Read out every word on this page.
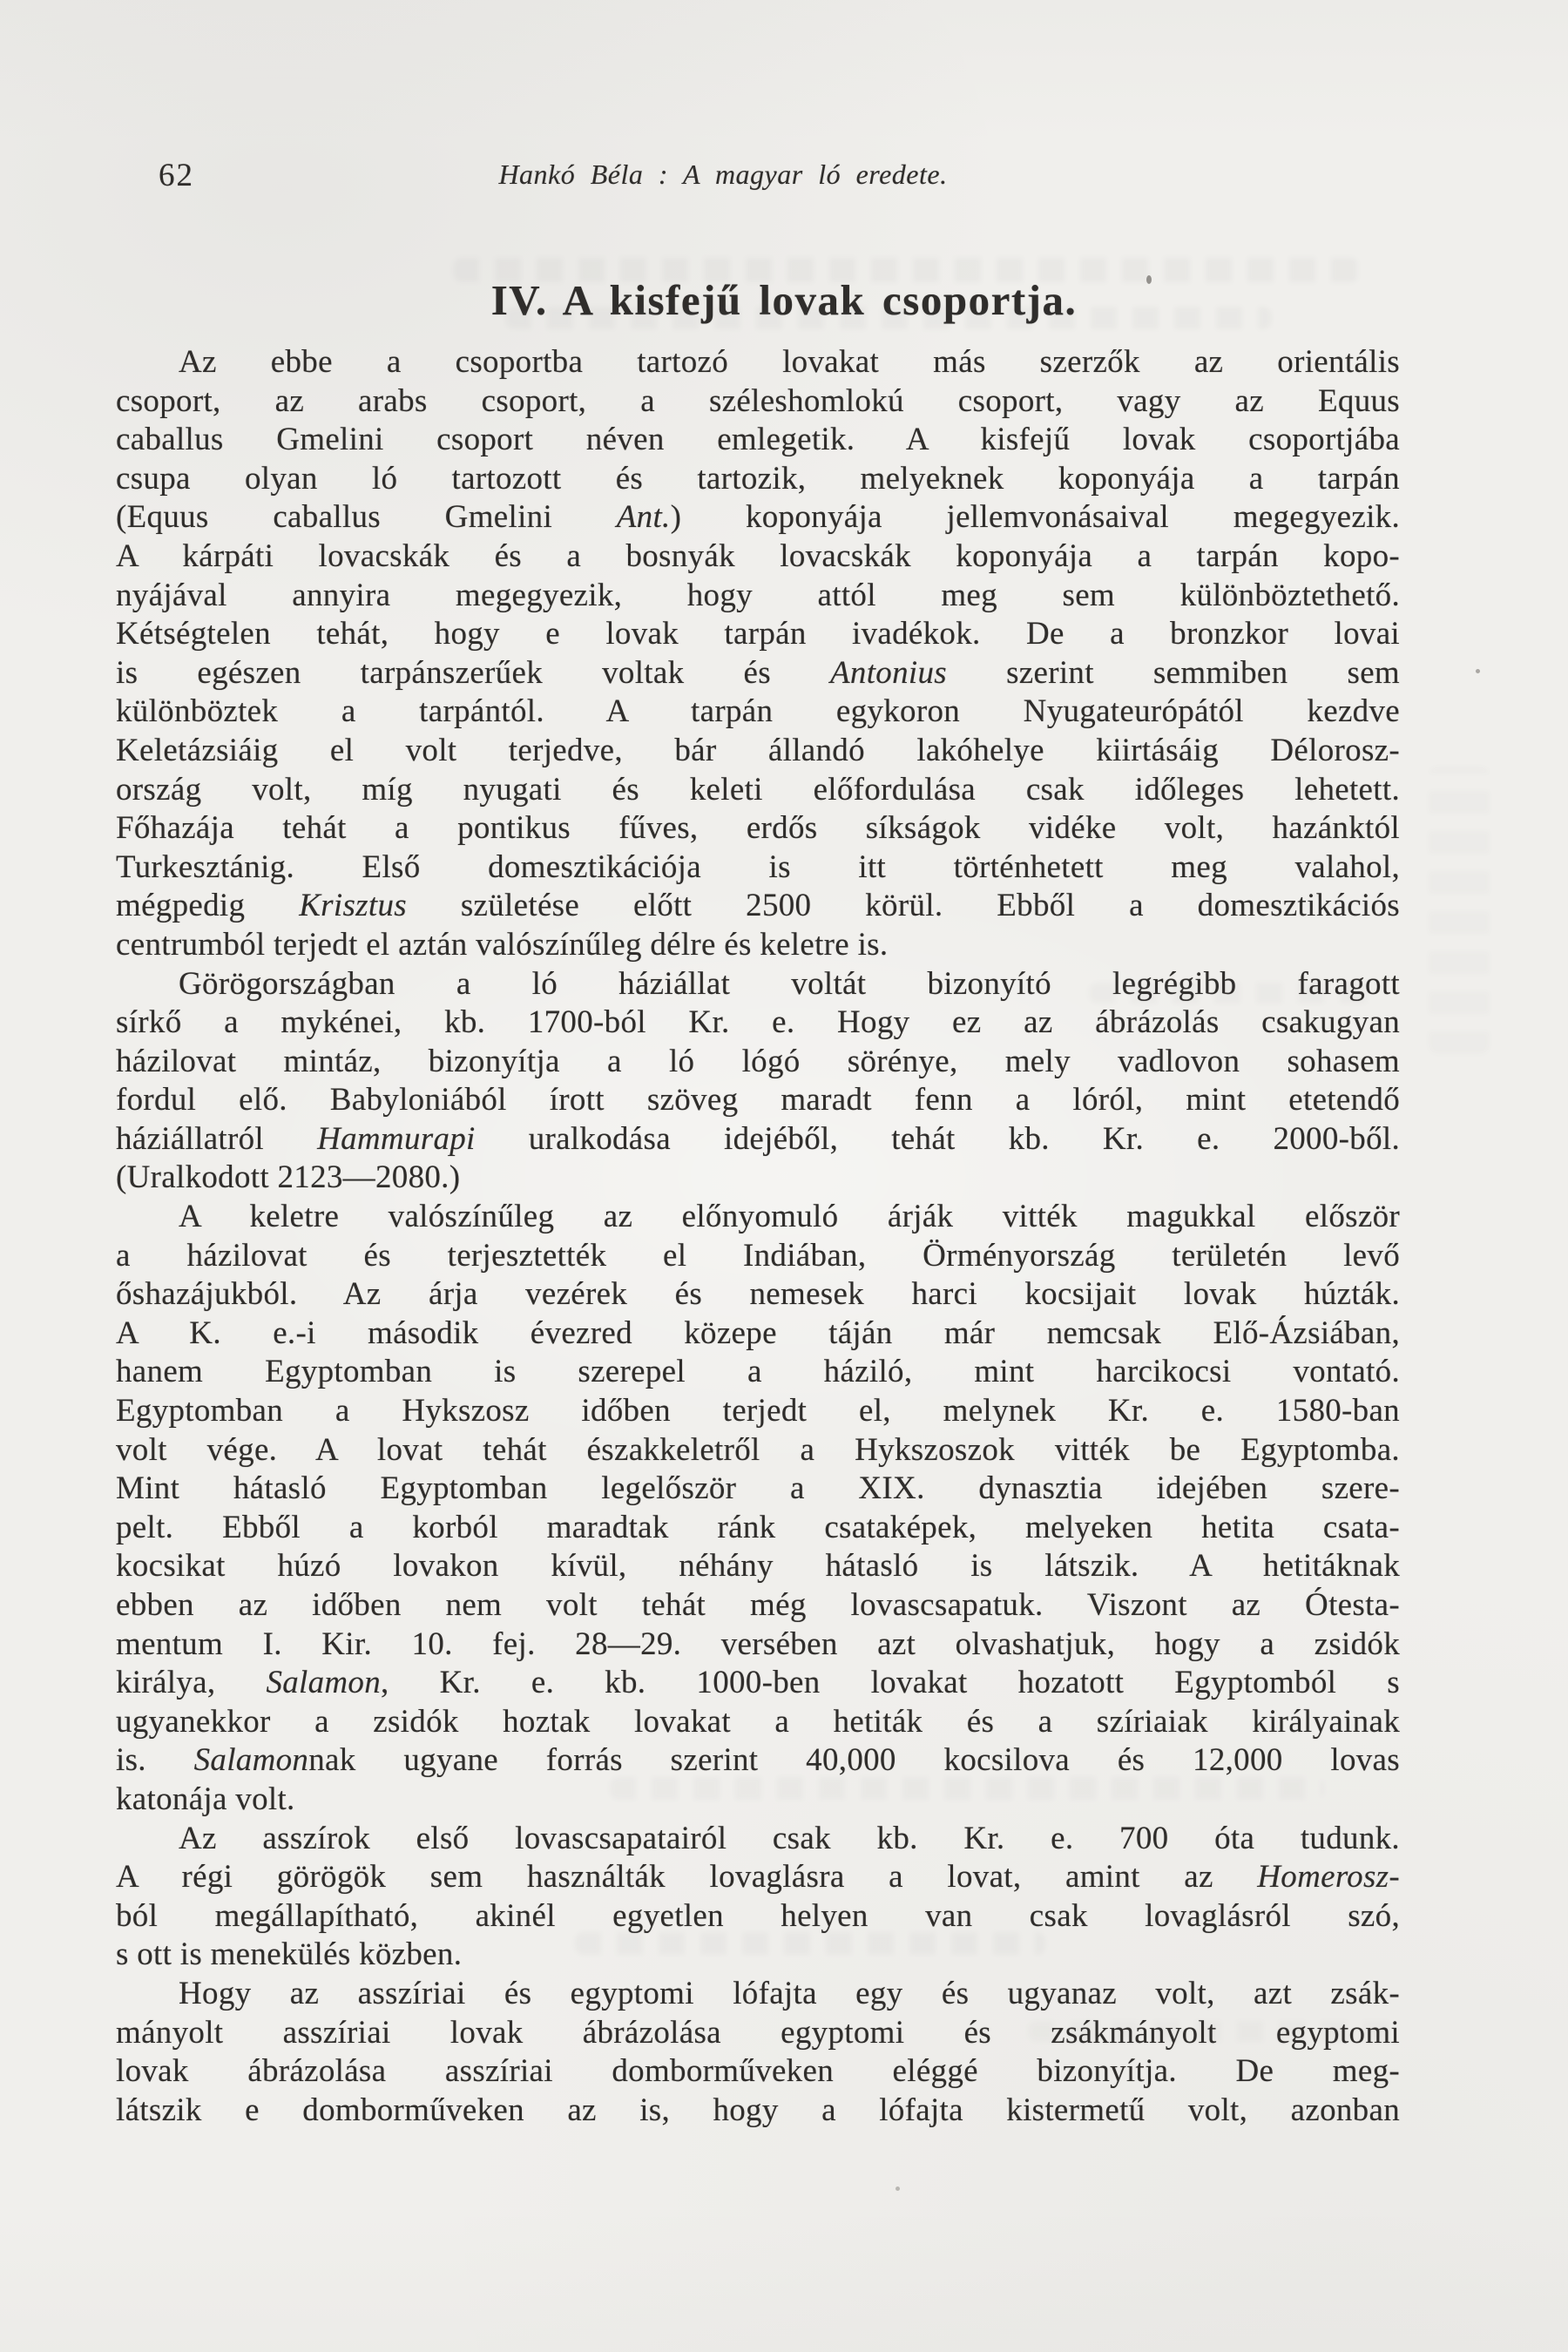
62	Hankó Béla : A magyar ló eredete.
IV. A kisfejű lovak csoportja.
Az ebbe a csoportba tartozó lovakat más szerzők az orientális
csoport, az arabs csoport, a széleshomlokú csoport, vagy az Equus
caballus Gmelini csoport néven emlegetik. A kisfejű lovak csoportjába
csupa olyan ló tartozott és tartozik, melyeknek koponyája a tarpán
(Equus caballus Gmelini Ant.) koponyája jellemvonásaival megegyezik.
A kárpáti lovacskák és a bosnyák lovacskák koponyája a tarpán kopo-
nyájával annyira megegyezik, hogy attól meg sem különböztethető.
Kétségtelen tehát, hogy e lovak tarpán ivadékok. De a bronzkor lovai
is egészen tarpánszerűek voltak és Antonius szerint semmiben sem
különböztek a tarpántól. A tarpán egykoron Nyugateurópától kezdve
Keletázsiáig el volt terjedve, bár állandó lakóhelye kiirtásáig Délorosz-
ország volt, míg nyugati és keleti előfordulása csak időleges lehetett.
Főhazája tehát a pontikus fűves, erdős síkságok vidéke volt, hazánktól
Turkesztánig. Első domesztikációja is itt történhetett meg valahol,
mégpedig Krisztus születése előtt 2500 körül. Ebből a domesztikációs
centrumból terjedt el aztán valószínűleg délre és keletre is.
Görögországban a ló háziállat voltát bizonyító legrégibb faragott
sírkő a mykénei, kb. 1700-ból Kr. e. Hogy ez az ábrázolás csakugyan
házilovat mintáz, bizonyítja a ló lógó sörénye, mely vadlovon sohasem
fordul elő. Babyloniából írott szöveg maradt fenn a lóról, mint etetendő
háziállatról Hammurapi uralkodása idejéből, tehát kb. Kr. e. 2000-ből.
(Uralkodott 2123—2080.)
A keletre valószínűleg az előnyomuló árják vitték magukkal először
a házilovat és terjesztették el Indiában, Örményország területén levő
őshazájukból. Az árja vezérek és nemesek harci kocsijait lovak húzták.
A K. e.-i második évezred közepe táján már nemcsak Elő-Ázsiában,
hanem Egyptomban is szerepel a háziló, mint harcikocsi vontató.
Egyptomban a Hykszosz időben terjedt el, melynek Kr. e. 1580-ban
volt vége. A lovat tehát északkeletről a Hykszoszok vitték be Egyptomba.
Mint hátasló Egyptomban legelőször a XIX. dynasztia idejében szere-
pelt. Ebből a korból maradtak ránk csataképek, melyeken hetita csata-
kocsikat húzó lovakon kívül, néhány hátasló is látszik. A hetitáknak
ebben az időben nem volt tehát még lovascsapatuk. Viszont az Ótesta-
mentum I. Kir. 10. fej. 28—29. versében azt olvashatjuk, hogy a zsidók
királya, Salamon, Kr. e. kb. 1000-ben lovakat hozatott Egyptomból s
ugyanekkor a zsidók hoztak lovakat a hetiták és a szíriaiak királyainak
is. Salamonnak ugyane forrás szerint 40,000 kocsilova és 12,000 lovas
katonája volt.
Az asszírok első lovascsapatairól csak kb. Kr. e. 700 óta tudunk.
A régi görögök sem használták lovaglásra a lovat, amint az Homerosz-
ból megállapítható, akinél egyetlen helyen van csak lovaglásról szó,
s ott is menekülés közben.
Hogy az asszíriai és egyptomi lófajta egy és ugyanaz volt, azt zsák-
mányolt asszíriai lovak ábrázolása egyptomi és zsákmányolt egyptomi
lovak ábrázolása asszíriai domborműveken eléggé bizonyítja. De meg-
látszik e domborműveken az is, hogy a lófajta kistermetű volt, azonban
